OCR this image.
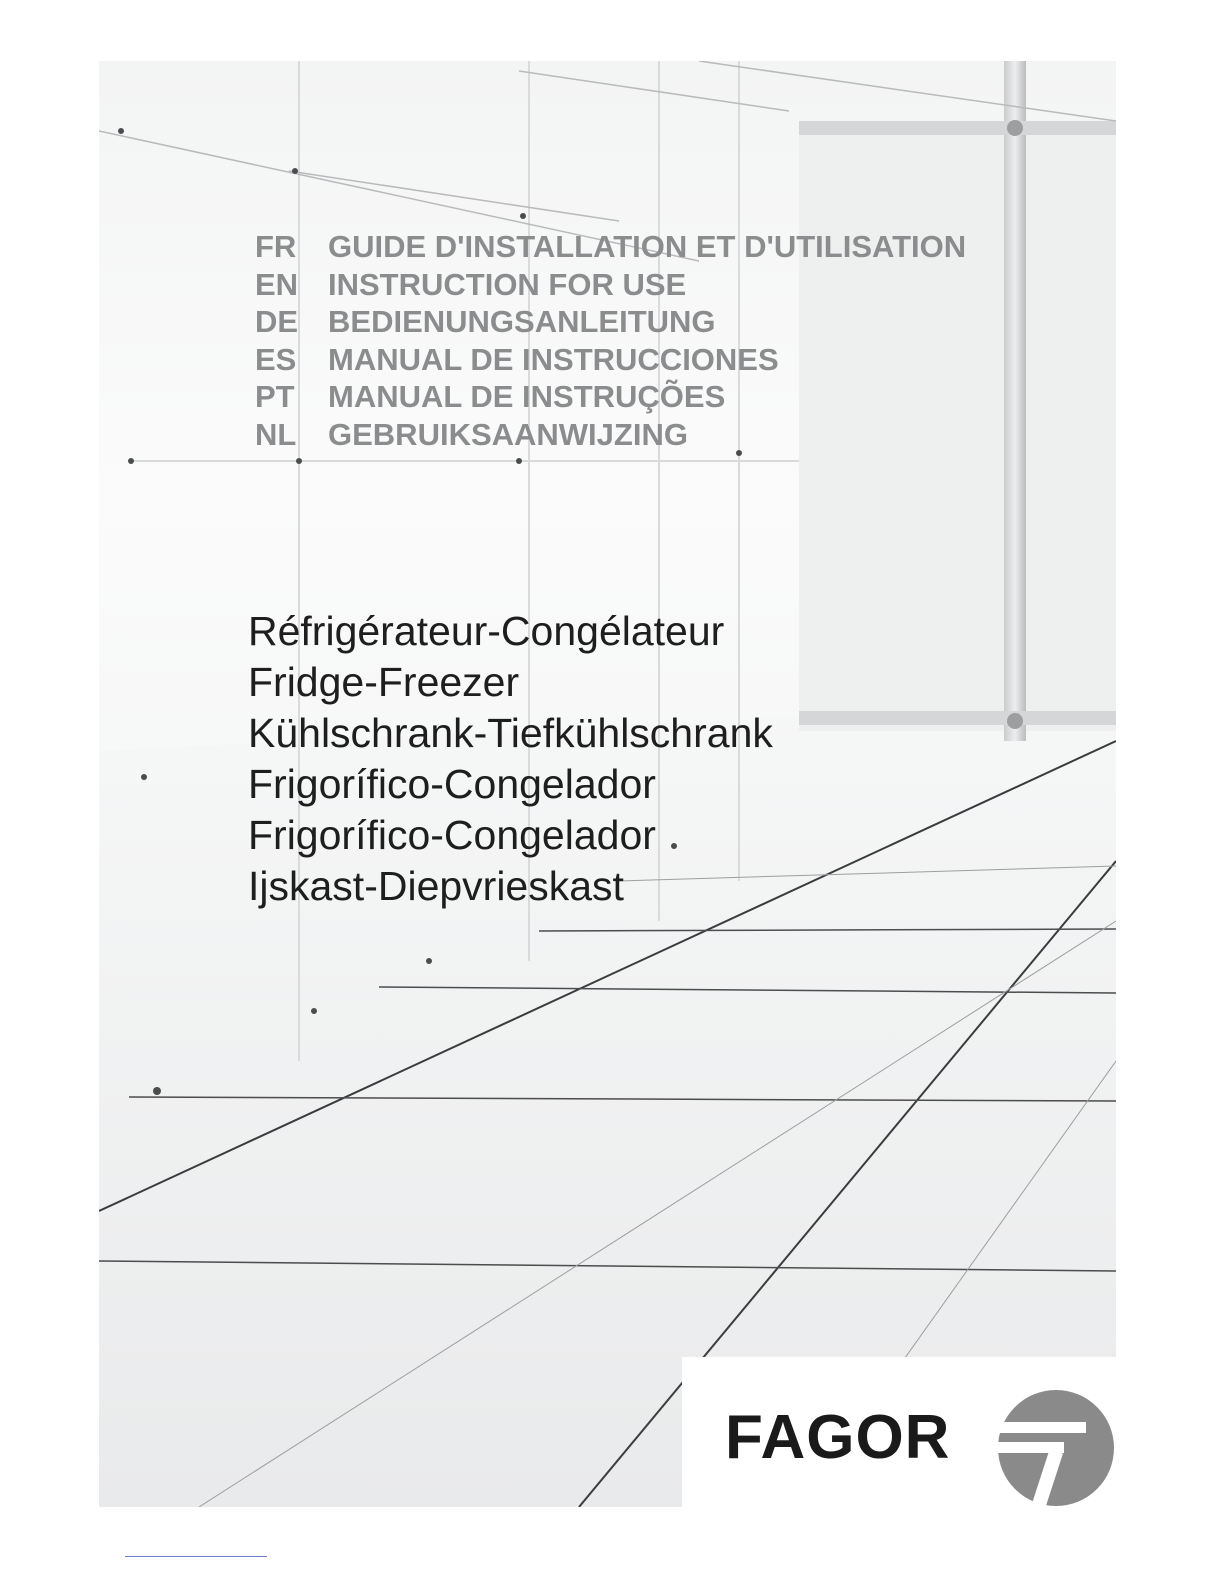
FR	GUIDE D'INSTALLATION ET D'UTILISATION
EN INSTRUCTION FOR USE
DE BEDIENUNGSANLEITUNG
ES	MANUAL DE INSTRUCCIONES
PT	MANUAL DE INSTRUÇÕES
NL	GEBRUIKSAANWIJZING
Réfrigérateur-Congélateur
Fridge-Freezer
Kühlschrank-Tiefkühlschrank
Frigorífico-Congelador
Frigorífico-Congelador
Ijskast-Diepvrieskast
FAGOR
